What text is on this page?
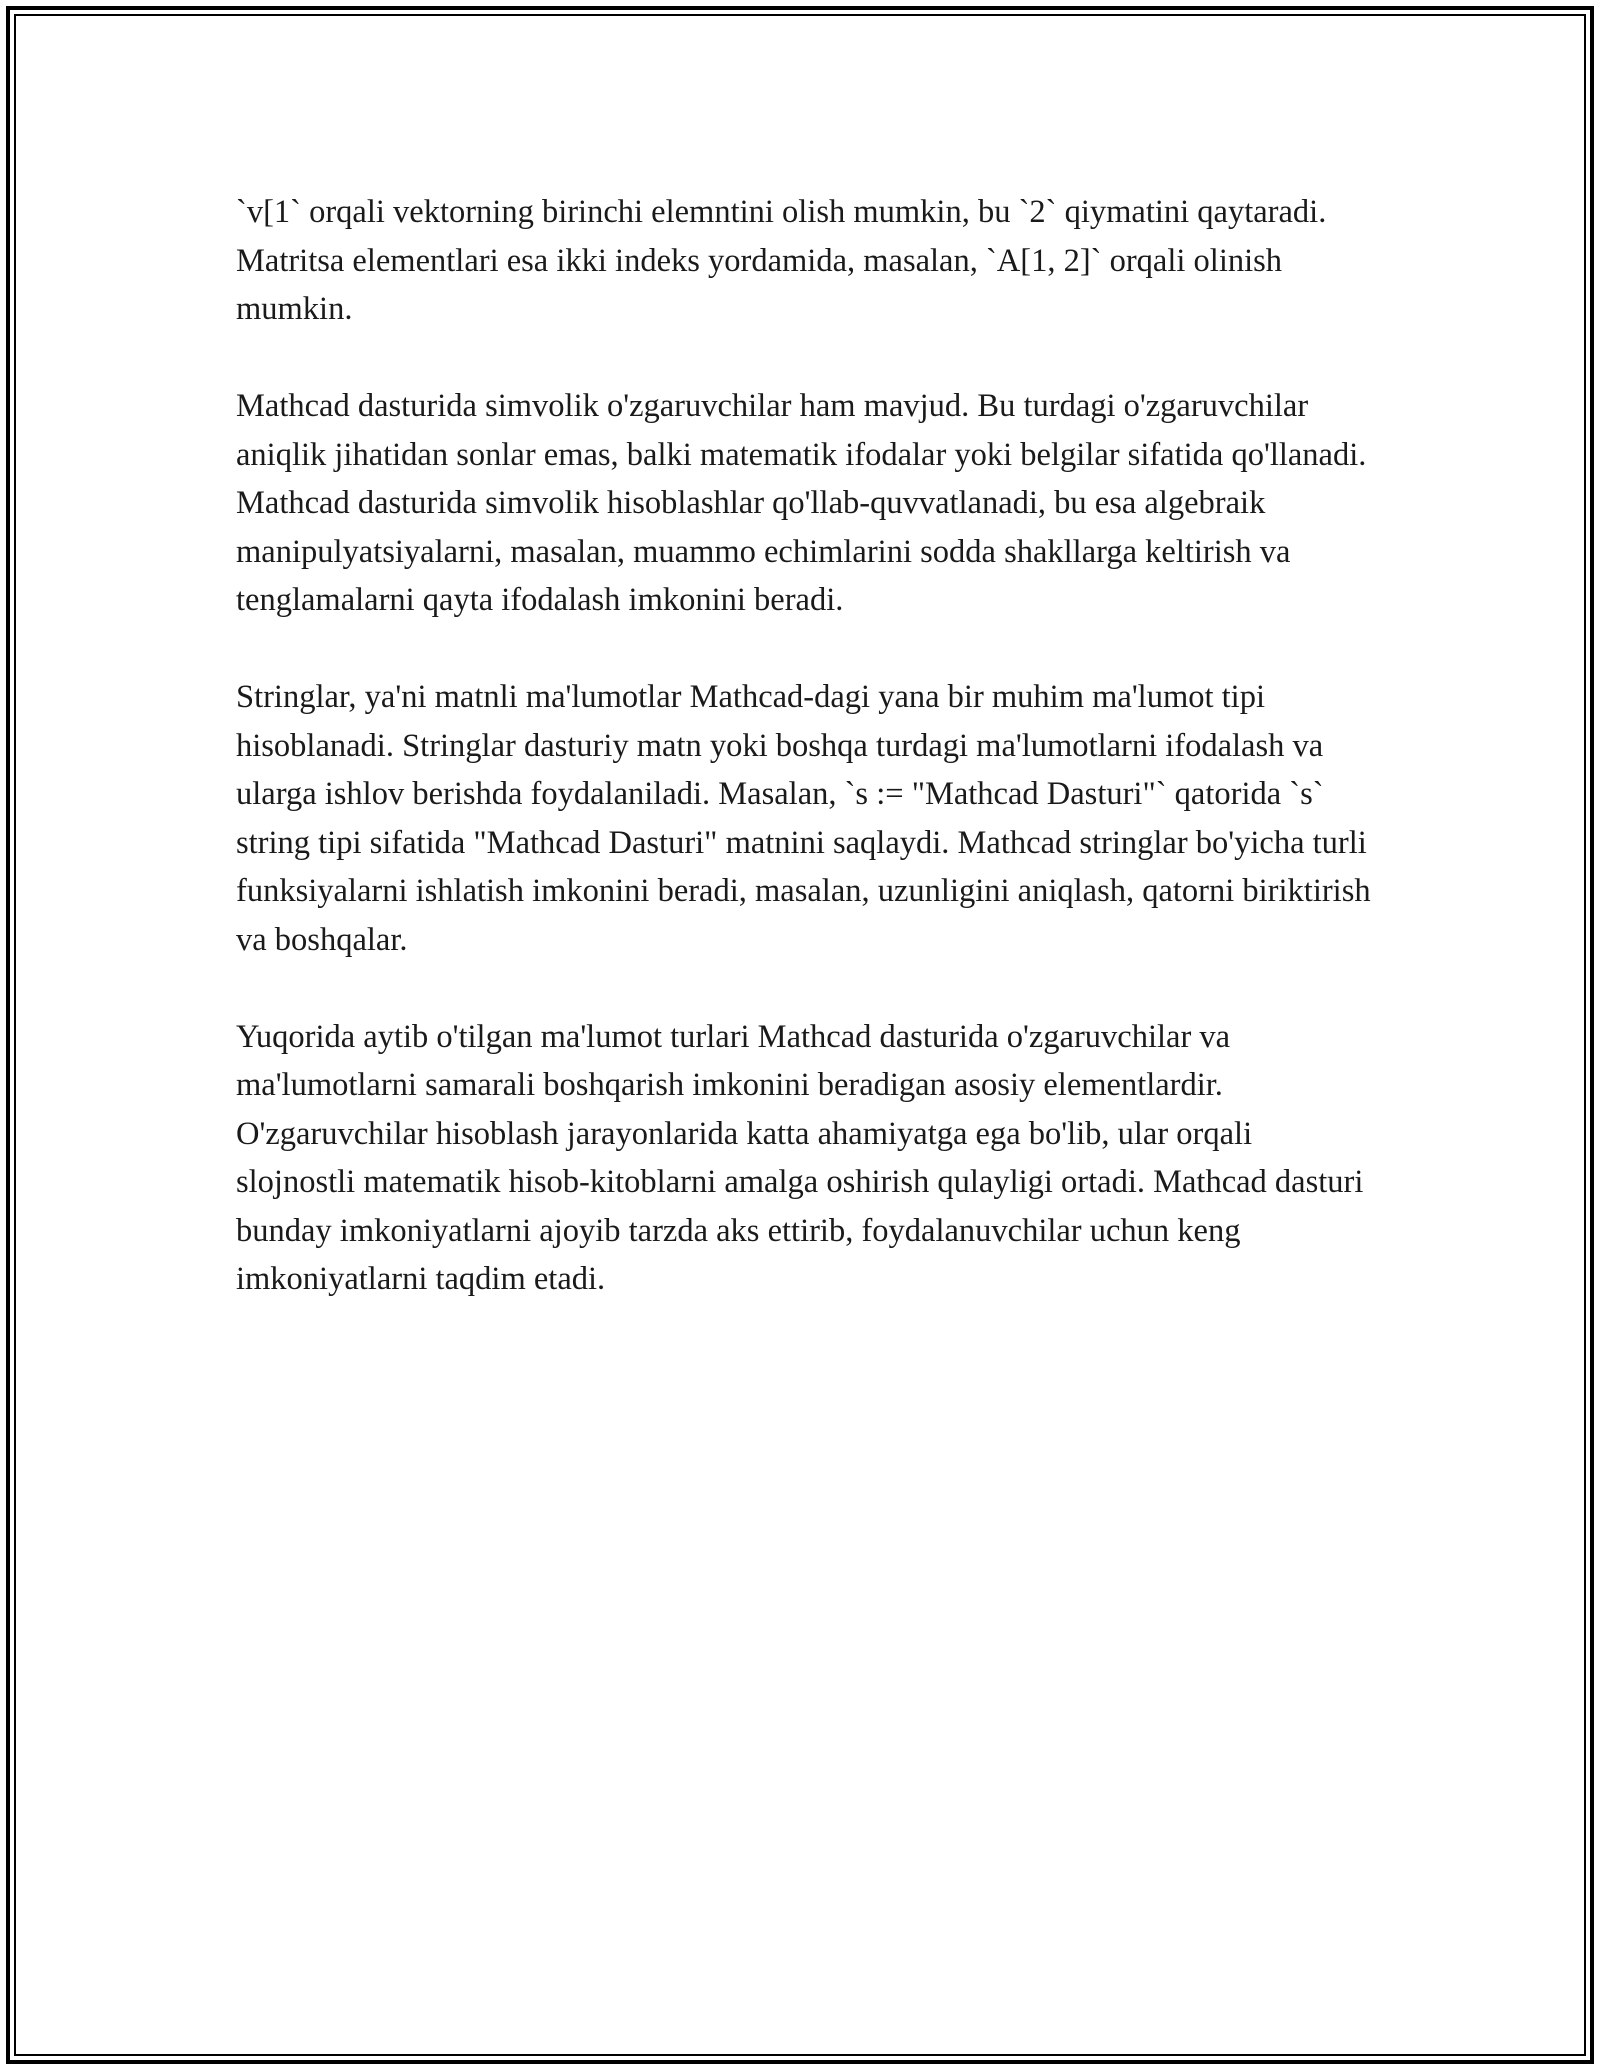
`v[1` orqali vektorning birinchi elemntini olish mumkin, bu `2` qiymatini qaytaradi. Matritsa elementlari esa ikki indeks yordamida, masalan, `A[1, 2]` orqali olinish mumkin.

Mathcad dasturida simvolik o'zgaruvchilar ham mavjud. Bu turdagi o'zgaruvchilar aniqlik jihatidan sonlar emas, balki matematik ifodalar yoki belgilar sifatida qo'llanadi. Mathcad dasturida simvolik hisoblashlar qo'llab-quvvatlanadi, bu esa algebraik manipulyatsiyalarni, masalan, muammo echimlarini sodda shakllarga keltirish va tenglamalarni qayta ifodalash imkonini beradi.

Stringlar, ya'ni matnli ma'lumotlar Mathcad-dagi yana bir muhim ma'lumot tipi hisoblanadi. Stringlar dasturiy matn yoki boshqa turdagi ma'lumotlarni ifodalash va ularga ishlov berishda foydalaniladi. Masalan, `s := "Mathcad Dasturi"` qatorida `s` string tipi sifatida "Mathcad Dasturi" matnini saqlaydi. Mathcad stringlar bo'yicha turli funksiyalarni ishlatish imkonini beradi, masalan, uzunligini aniqlash, qatorni biriktirish va boshqalar.

Yuqorida aytib o'tilgan ma'lumot turlari Mathcad dasturida o'zgaruvchilar va ma'lumotlarni samarali boshqarish imkonini beradigan asosiy elementlardir. O'zgaruvchilar hisoblash jarayonlarida katta ahamiyatga ega bo'lib, ular orqali slojnostli matematik hisob-kitoblarni amalga oshirish qulayligi ortadi. Mathcad dasturi bunday imkoniyatlarni ajoyib tarzda aks ettirib, foydalanuvchilar uchun keng imkoniyatlarni taqdim etadi.
